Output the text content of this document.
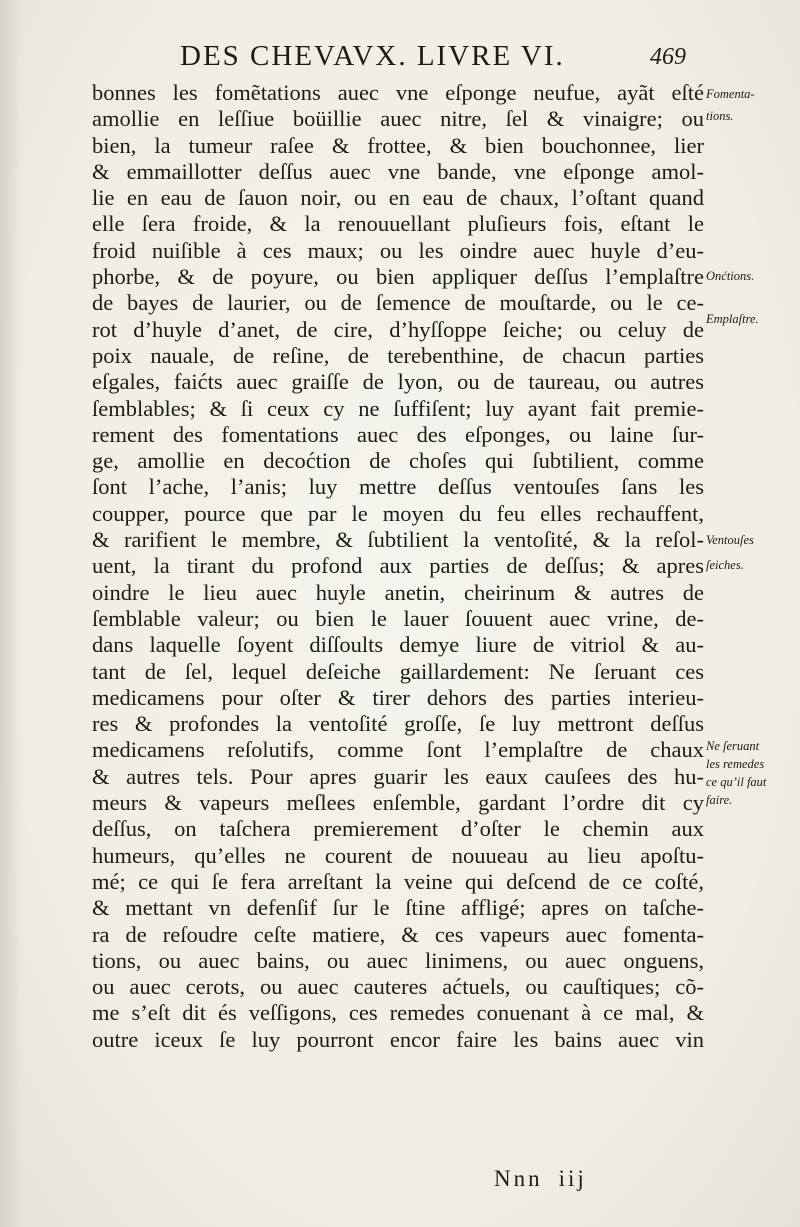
DES CHEVAVX. LIVRE VI.	469
bonnes les fomẽtations auec vne eſponge neufue, ayãt eſté
amollie en leſſiue boüillie auec nitre, ſel & vinaigre; ou
bien, la tumeur raſee & frottee, & bien bouchonnee, lier
& emmaillotter deſſus auec vne bande, vne eſponge amol-
lie en eau de ſauon noir, ou en eau de chaux, l’oſtant quand
elle ſera froide, & la renouuellant pluſieurs fois, eſtant le
froid nuiſible à ces maux; ou les oindre auec huyle d’eu-
phorbe, & de poyure, ou bien appliquer deſſus l’emplaſtre
de bayes de laurier, ou de ſemence de mouſtarde, ou le ce-
rot d’huyle d’anet, de cire, d’hyſſoppe ſeiche; ou celuy de
poix nauale, de reſine, de terebenthine, de chacun parties
eſgales, faićts auec graiſſe de lyon, ou de taureau, ou autres
ſemblables; & ſi ceux cy ne ſuffiſent; luy ayant fait premie-
rement des fomentations auec des eſponges, ou laine ſur-
ge, amollie en decoćtion de choſes qui ſubtilient, comme
ſont l’ache, l’anis; luy mettre deſſus ventouſes ſans les
coupper, pource que par le moyen du feu elles rechauffent,
& rarifient le membre, & ſubtilient la ventoſité, & la reſol-
uent, la tirant du profond aux parties de deſſus; & apres
oindre le lieu auec huyle anetin, cheirinum & autres de
ſemblable valeur; ou bien le lauer ſouuent auec vrine, de-
dans laquelle ſoyent diſſoults demye liure de vitriol & au-
tant de ſel, lequel deſeiche gaillardement: Ne ſeruant ces
medicamens pour oſter & tirer dehors des parties interieu-
res & profondes la ventoſité groſſe, ſe luy mettront deſſus
medicamens reſolutifs, comme ſont l’emplaſtre de chaux
& autres tels. Pour apres guarir les eaux cauſees des hu-
meurs & vapeurs meſlees enſemble, gardant l’ordre dit cy
deſſus, on taſchera premierement d’oſter le chemin aux
humeurs, qu’elles ne courent de nouueau au lieu apoſtu-
mé; ce qui ſe fera arreſtant la veine qui deſcend de ce coſté,
& mettant vn defenſif ſur le ſtine affligé; apres on taſche-
ra de reſoudre ceſte matiere, & ces vapeurs auec fomenta-
tions, ou auec bains, ou auec linimens, ou auec onguens,
ou auec cerots, ou auec cauteres aćtuels, ou cauſtiques; cõ-
me s’eſt dit és veſſigons, ces remedes conuenant à ce mal, &
outre iceux ſe luy pourront encor faire les bains auec vin
Fomenta-
tions.
Onćtions.
Emplaſtre.
Ventouſes
ſeiches.
Ne ſeruant
les remedes
ce qu’il faut
faire.
Nnn iij
